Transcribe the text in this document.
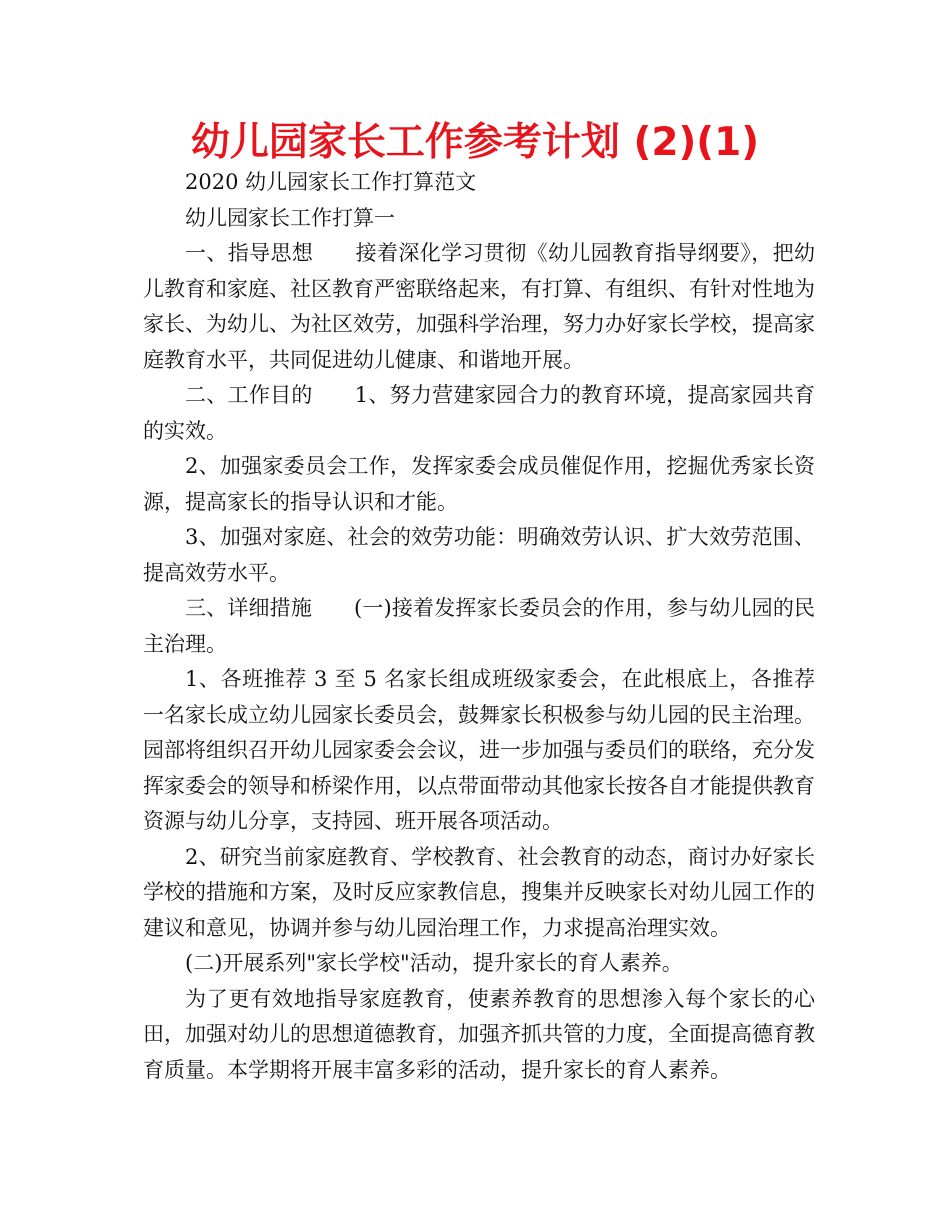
幼儿园家长工作参考计划 (2)(1)

2020 幼儿园家长工作打算范文

幼儿园家长工作打算一

一、指导思想 接着深化学习贯彻《幼儿园教育指导纲要》，把幼儿教育和家庭、社区教育严密联络起来，有打算、有组织、有针对性地为家长、为幼儿、为社区效劳，加强科学治理，努力办好家长学校，提高家庭教育水平，共同促进幼儿健康、和谐地开展。

二、工作目的 1、努力营建家园合力的教育环境，提高家园共育的实效。

2、加强家委员会工作，发挥家委会成员催促作用，挖掘优秀家长资源，提高家长的指导认识和才能。

3、加强对家庭、社会的效劳功能：明确效劳认识、扩大效劳范围、提高效劳水平。

三、详细措施 (一)接着发挥家长委员会的作用，参与幼儿园的民主治理。

1、各班推荐 3 至 5 名家长组成班级家委会，在此根底上，各推荐一名家长成立幼儿园家长委员会，鼓舞家长积极参与幼儿园的民主治理。园部将组织召开幼儿园家委会会议，进一步加强与委员们的联络，充分发挥家委会的领导和桥梁作用，以点带面带动其他家长按各自才能提供教育资源与幼儿分享，支持园、班开展各项活动。

2、研究当前家庭教育、学校教育、社会教育的动态，商讨办好家长学校的措施和方案，及时反应家教信息，搜集并反映家长对幼儿园工作的建议和意见，协调并参与幼儿园治理工作，力求提高治理实效。

(二)开展系列"家长学校"活动，提升家长的育人素养。

为了更有效地指导家庭教育，使素养教育的思想渗入每个家长的心田，加强对幼儿的思想道德教育，加强齐抓共管的力度，全面提高德育教育质量。本学期将开展丰富多彩的活动，提升家长的育人素养。
